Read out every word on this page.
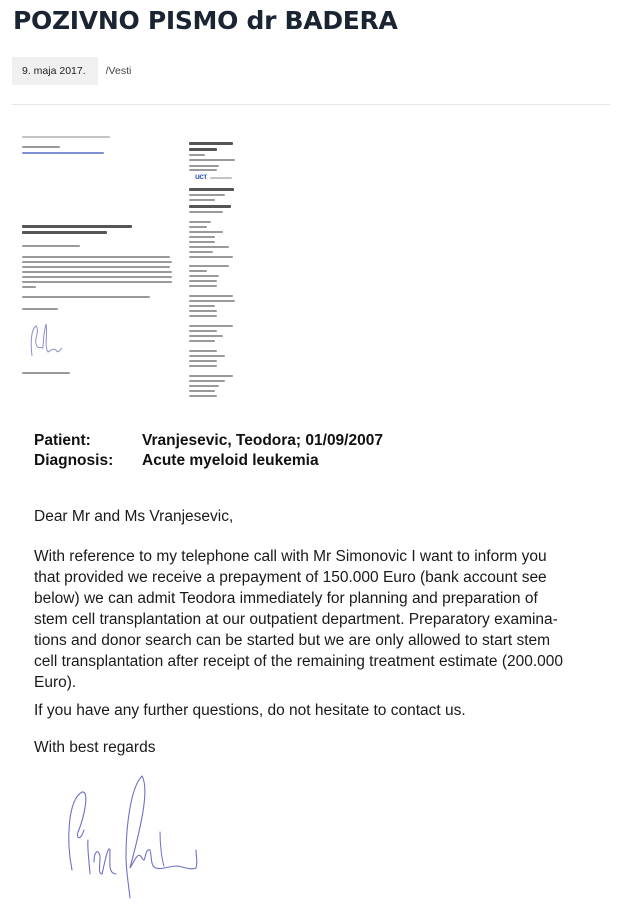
POZIVNO PISMO dr BADERA
9. maja 2017.	/Vesti
ucт
Patient:	Vranjesevic, Teodora; 01/09/2007
Diagnosis: Acute myeloid leukemia
Dear Mr and Ms Vranjesevic,
With reference to my telephone call with Mr Simonovic I want to inform you
that provided we receive a prepayment of 150.000 Euro (bank account see
below) we can admit Teodora immediately for planning and preparation of
stem cell transplantation at our outpatient department. Preparatory examina-
tions and donor search can be started but we are only allowed to start stem
cell transplantation after receipt of the remaining treatment estimate (200.000
Euro).
If you have any further questions, do not hesitate to contact us.
With best regards
